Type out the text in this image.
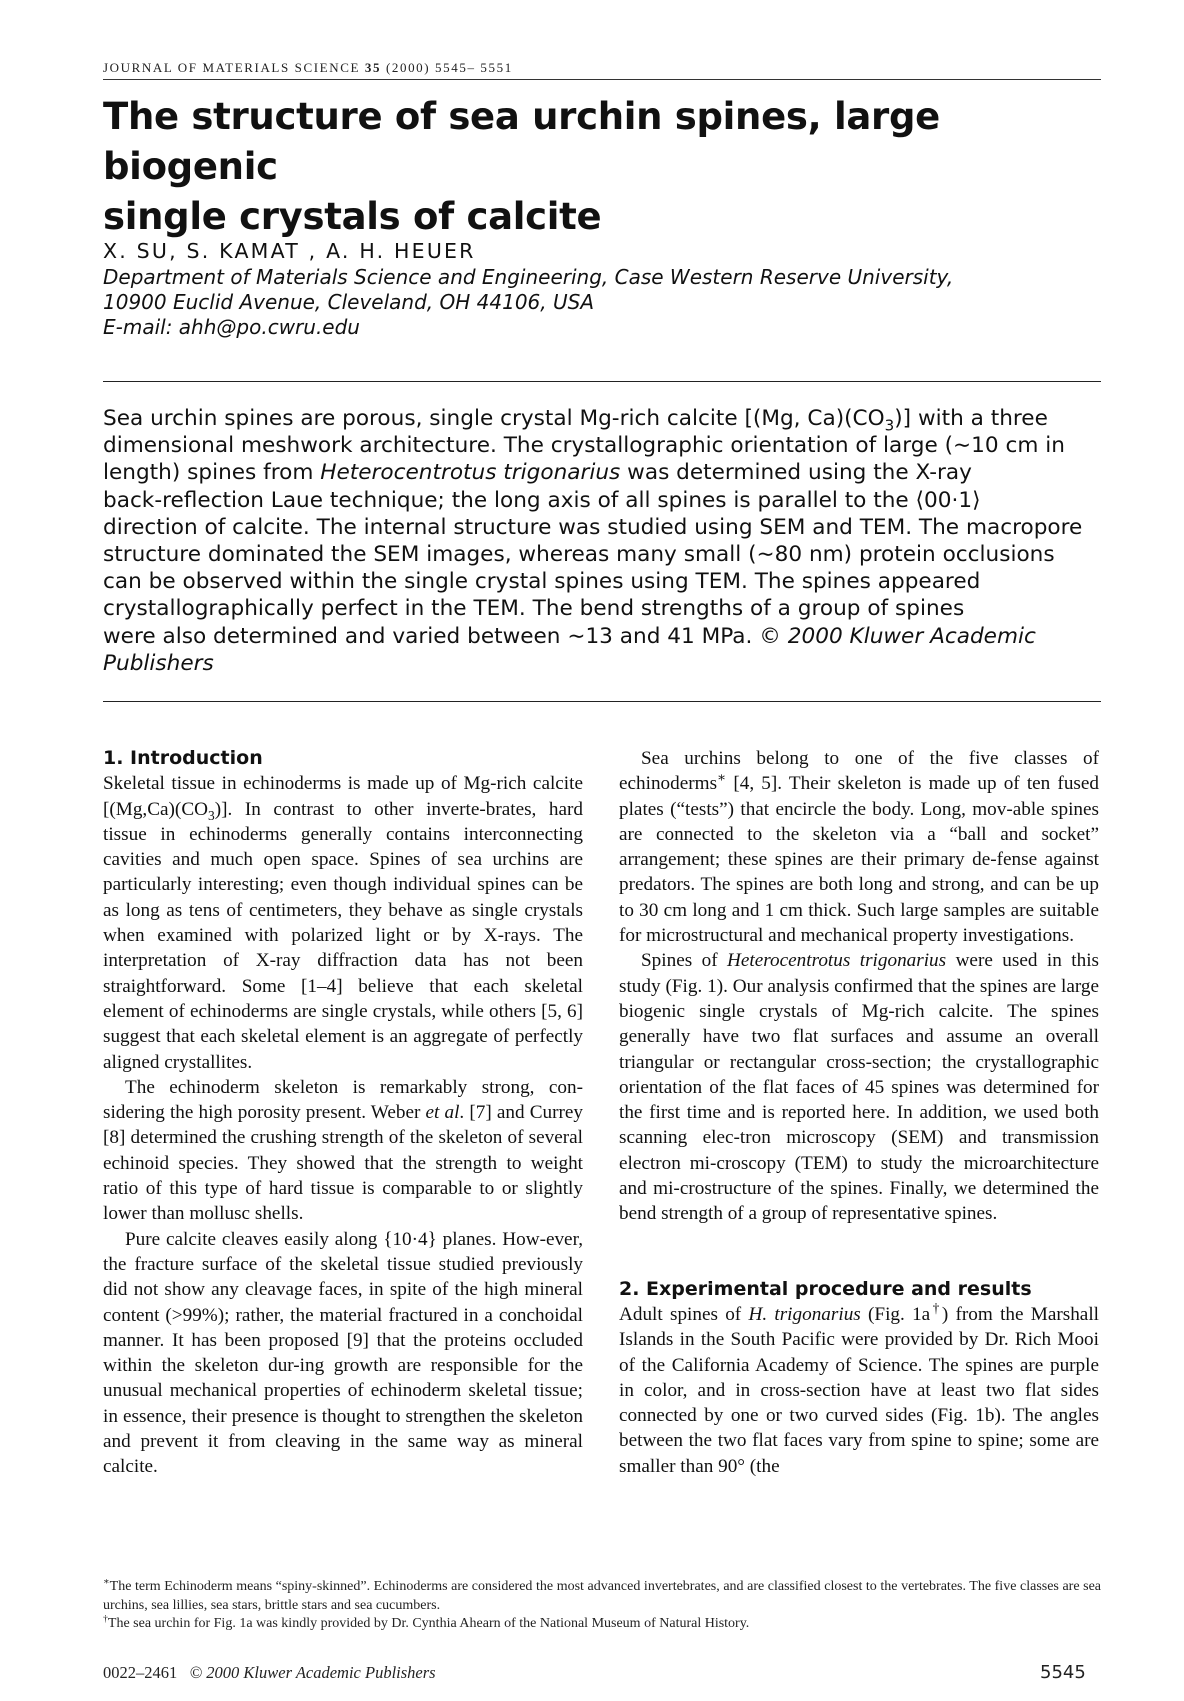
JOURNAL OF MATERIALS SCIENCE 35 (2000) 5545– 5551
The structure of sea urchin spines, large biogenic
single crystals of calcite
X. SU, S. KAMAT , A. H. HEUER
Department of Materials Science and Engineering, Case Western Reserve University,
10900 Euclid Avenue, Cleveland, OH 44106, USA
E-mail: ahh@po.cwru.edu
Sea urchin spines are porous, single crystal Mg-rich calcite [(Mg, $Ca)(CO_3)$] with a three
dimensional meshwork architecture. The crystallographic orientation of large (∼10 cm in
length) spines from Heterocentrotus trigonarius was determined using the X-ray
back-reflection Laue technique; the long axis of all spines is parallel to the ⟨00·1⟩
direction of calcite. The internal structure was studied using SEM and TEM. The macropore
structure dominated the SEM images, whereas many small (∼80 nm) protein occlusions
can be observed within the single crystal spines using TEM. The spines appeared
crystallographically perfect in the TEM. The bend strengths of a group of spines
were also determined and varied between ∼13 and 41 MPa. © 2000 Kluwer Academic
Publishers

1. Introduction

Skeletal tissue in echinoderms is made up of Mg-rich calcite $[(Mg,Ca)(CO_3)]$. In contrast to other inverte-brates, hard tissue in echinoderms generally contains interconnecting cavities and much open space. Spines of sea urchins are particularly interesting; even though individual spines can be as long as tens of centimeters, they behave as single crystals when examined with polarized light or by X-rays. The interpretation of X-ray diffraction data has not been straightforward. Some [1–4] believe that each skeletal element of echinoderms are single crystals, while others [5, 6] suggest that each skeletal element is an aggregate of perfectly aligned crystallites.

The echinoderm skeleton is remarkably strong, con-sidering the high porosity present. Weber et al. [7] and Currey [8] determined the crushing strength of the skeleton of several echinoid species. They showed that the strength to weight ratio of this type of hard tissue is comparable to or slightly lower than mollusc shells.

Pure calcite cleaves easily along {10·4} planes. How-ever, the fracture surface of the skeletal tissue studied previously did not show any cleavage faces, in spite of the high mineral content (>99%); rather, the material fractured in a conchoidal manner. It has been proposed [9] that the proteins occluded within the skeleton dur-ing growth are responsible for the unusual mechanical properties of echinoderm skeletal tissue; in essence, their presence is thought to strengthen the skeleton and prevent it from cleaving in the same way as mineral calcite.

Sea urchins belong to one of the five classes of echinoderms∗ [4, 5]. Their skeleton is made up of ten fused plates (“tests”) that encircle the body. Long, mov-able spines are connected to the skeleton via a “ball and socket” arrangement; these spines are their primary de-fense against predators. The spines are both long and strong, and can be up to 30 cm long and 1 cm thick. Such large samples are suitable for microstructural and mechanical property investigations.

Spines of Heterocentrotus trigonarius were used in this study (Fig. 1). Our analysis confirmed that the spines are large biogenic single crystals of Mg-rich calcite. The spines generally have two flat surfaces and assume an overall triangular or rectangular cross-section; the crystallographic orientation of the flat faces of 45 spines was determined for the first time and is reported here. In addition, we used both scanning elec-tron microscopy (SEM) and transmission electron mi-croscopy (TEM) to study the microarchitecture and mi-crostructure of the spines. Finally, we determined the bend strength of a group of representative spines.

2. Experimental procedure and results

Adult spines of H. trigonarius (Fig. 1a†) from the Marshall Islands in the South Pacific were provided by Dr. Rich Mooi of the California Academy of Science. The spines are purple in color, and in cross-section have at least two flat sides connected by one or two curved sides (Fig. 1b). The angles between the two flat faces vary from spine to spine; some are smaller than 90° (the

∗The term Echinoderm means “spiny-skinned”. Echinoderms are considered the most advanced invertebrates, and are classified closest to the vertebrates. The five classes are sea urchins, sea lillies, sea stars, brittle stars and sea cucumbers.

†The sea urchin for Fig. 1a was kindly provided by Dr. Cynthia Ahearn of the National Museum of Natural History.

0022–2461 © 2000 Kluwer Academic Publishers	5545
